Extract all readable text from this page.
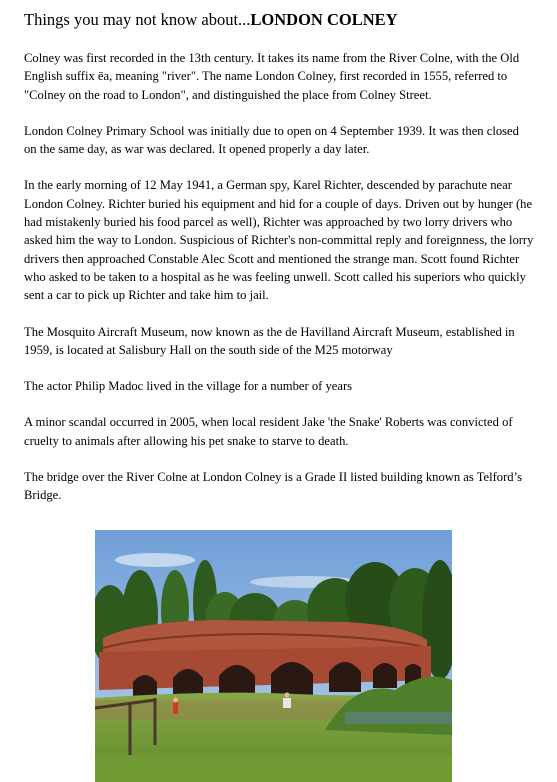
Things you may not know about...LONDON COLNEY

Colney was first recorded in the 13th century. It takes its name from the River Colne, with the Old English suffix ēa, meaning "river". The name London Colney, first recorded in 1555, referred to "Colney on the road to London", and distinguished the place from Colney Street.

London Colney Primary School was initially due to open on 4 September 1939. It was then closed on the same day, as war was declared. It opened properly a day later.

In the early morning of 12 May 1941, a German spy, Karel Richter, descended by parachute near London Colney. Richter buried his equipment and hid for a couple of days. Driven out by hunger (he had mistakenly buried his food parcel as well), Richter was approached by two lorry drivers who asked him the way to London. Suspicious of Richter's non-committal reply and foreignness, the lorry drivers then approached Constable Alec Scott and mentioned the strange man. Scott found Richter who asked to be taken to a hospital as he was feeling unwell. Scott called his superiors who quickly sent a car to pick up Richter and take him to jail.

The Mosquito Aircraft Museum, now known as the de Havilland Aircraft Museum, established in 1959, is located at Salisbury Hall on the south side of the M25 motorway

The actor Philip Madoc lived in the village for a number of years

A minor scandal occurred in 2005, when local resident Jake 'the Snake' Roberts was convicted of cruelty to animals after allowing his pet snake to starve to death.

The bridge over the River Colne at London Colney is a Grade II listed building known as Telford’s Bridge.
